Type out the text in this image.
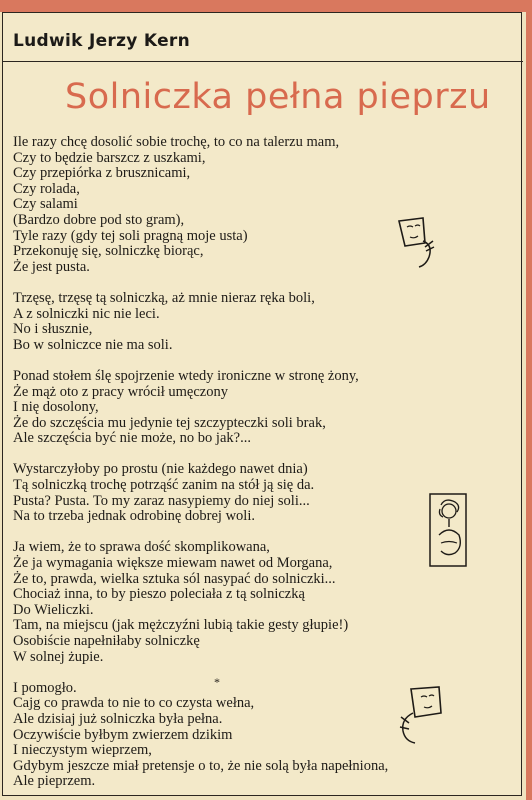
Ludwik Jerzy Kern
Solniczka pełna pieprzu
Ile razy chcę dosolić sobie trochę, to co na talerzu mam,
Czy to będzie barszcz z uszkami,
Czy przepiórka z brusznicami,
Czy rolada,
Czy salami
(Bardzo dobre pod sto gram),
Tyle razy (gdy tej soli pragną moje usta)
Przekonuję się, solniczkę biorąc,
Że jest pusta.
Trzęsę, trzęsę tą solniczką, aż mnie nieraz ręka boli,
A z solniczki nic nie leci.
No i słusznie,
Bo w solniczce nie ma soli.
Ponad stołem ślę spojrzenie wtedy ironiczne w stronę żony,
Że mąż oto z pracy wrócił umęczony
I nię dosolony,
Że do szczęścia mu jedynie tej szczypteczki soli brak,
Ale szczęścia być nie może, no bo jak?...
Wystarczyłoby po prostu (nie każdego nawet dnia)
Tą solniczką trochę potrząść zanim na stół ją się da.
Pusta? Pusta. To my zaraz nasypiemy do niej soli...
Na to trzeba jednak odrobinę dobrej woli.
Ja wiem, że to sprawa dość skomplikowana,
Że ja wymagania większe miewam nawet od Morgana,
Że to, prawda, wielka sztuka sól nasypać do solniczki...
Chociaż inna, to by pieszo poleciała z tą solniczką
Do Wieliczki.
Tam, na miejscu (jak mężczyźni lubią takie gesty głupie!)
Osobiście napełniłaby solniczkę
W solnej żupie.
I pomogło.
Cajg co prawda to nie to co czysta wełna,
Ale dzisiaj już solniczka była pełna.
Oczywiście byłbym zwierzem dzikim
I nieczystym wieprzem,
Gdybym jeszcze miał pretensje o to, że nie solą była napełniona,
Ale pieprzem.
*
